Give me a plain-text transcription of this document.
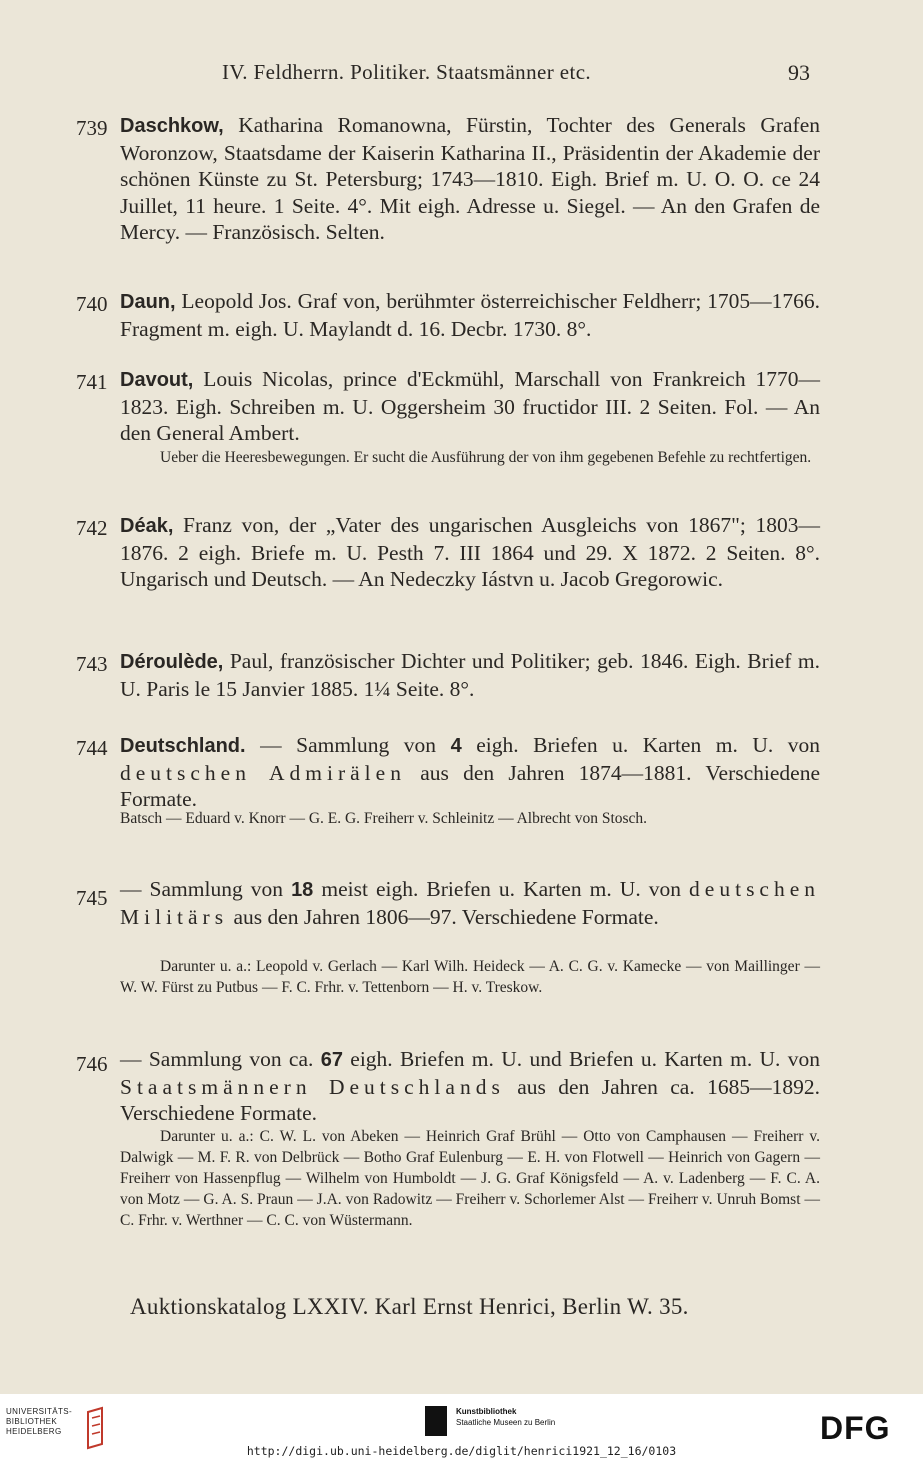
IV. Feldherrn. Politiker. Staatsmänner etc.	93
739 Daschkow, Katharina Romanowna, Fürstin, Tochter des Generals Grafen Woronzow, Staatsdame der Kaiserin Katharina II., Präsidentin der Akademie der schönen Künste zu St. Petersburg; 1743—1810. Eigh. Brief m. U. O. O. ce 24 Juillet, 11 heure. 1 Seite. 4°. Mit eigh. Adresse u. Siegel. — An den Grafen de Mercy. — Französisch. Selten.
740 Daun, Leopold Jos. Graf von, berühmter österreichischer Feldherr; 1705—1766. Fragment m. eigh. U. Maylandt d. 16. Decbr. 1730. 8°.
741 Davout, Louis Nicolas, prince d'Eckmühl, Marschall von Frankreich 1770—1823. Eigh. Schreiben m. U. Oggersheim 30 fructidor III. 2 Seiten. Fol. — An den General Ambert.
Ueber die Heeresbewegungen. Er sucht die Ausführung der von ihm gegebenen Befehle zu rechtfertigen.
742 Déak, Franz von, der „Vater des ungarischen Ausgleichs von 1867"; 1803—1876. 2 eigh. Briefe m. U. Pesth 7. III 1864 und 29. X 1872. 2 Seiten. 8°. Ungarisch und Deutsch. — An Nedeczky Iástvn u. Jacob Gregorowic.
743 Déroulède, Paul, französischer Dichter und Politiker; geb. 1846. Eigh. Brief m. U. Paris le 15 Janvier 1885. 1¼ Seite. 8°.
744 Deutschland. — Sammlung von 4 eigh. Briefen u. Karten m. U. von deutschen Admirälen aus den Jahren 1874—1881. Verschiedene Formate.
Batsch — Eduard v. Knorr — G. E. G. Freiherr v. Schleinitz — Albrecht von Stosch.
745 — Sammlung von 18 meist eigh. Briefen u. Karten m. U. von deutschen Militärs aus den Jahren 1806—97. Verschiedene Formate.
Darunter u. a.: Leopold v. Gerlach — Karl Wilh. Heideck — A. C. G. v. Kamecke — von Maillinger — W. W. Fürst zu Putbus — F. C. Frhr. v. Tettenborn — H. v. Treskow.
746 — Sammlung von ca. 67 eigh. Briefen m. U. und Briefen u. Karten m. U. von Staatsmännern Deutschlands aus den Jahren ca. 1685—1892. Verschiedene Formate.
Darunter u. a.: C. W. L. von Abeken — Heinrich Graf Brühl — Otto von Camphausen — Freiherr v. Dalwigk — M. F. R. von Delbrück — Botho Graf Eulenburg — E. H. von Flotwell — Heinrich von Gagern — Freiherr von Hassenpflug — Wilhelm von Humboldt — J. G. Graf Königsfeld — A. v. Ladenberg — F. C. A. von Motz — G. A. S. Praun — J.A. von Radowitz — Freiherr v. Schorlemer Alst — Freiherr v. Unruh Bomst — C. Frhr. v. Werthner — C. C. von Wüstermann.
Auktionskatalog LXXIV. Karl Ernst Henrici, Berlin W. 35.
UNIVERSITÄTS-
BIBLIOTHEK
HEIDELBERG
Kunstbibliothek
Staatliche Museen zu Berlin	DFG
http://digi.ub.uni-heidelberg.de/diglit/henrici1921_12_16/0103
